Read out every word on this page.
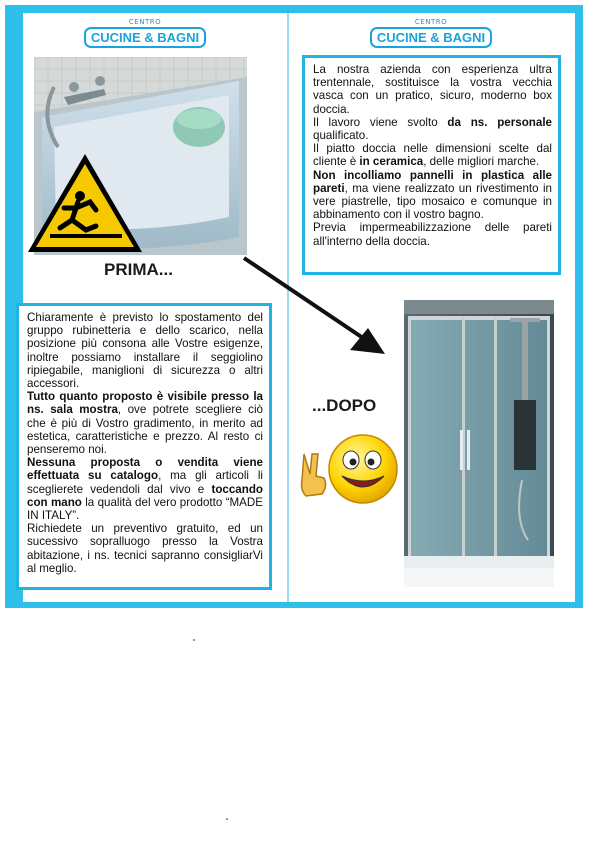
CENTRO
CUCINE & BAGNI
CENTRO
CUCINE & BAGNI
PRIMA...

La nostra azienda con esperienza ultra trentennale, sostituisce la vostra vecchia vasca con un pratico, sicuro, moderno box doccia.

Il lavoro viene svolto da ns. personale qualificato.

Il piatto doccia nelle dimensioni scelte dal cliente è in ceramica, delle migliori marche.

Non incolliamo pannelli in plastica alle pareti, ma viene realizzato un rivestimento in vere piastrelle, tipo mosaico e comunque in abbinamento con il vostro bagno.

Previa impermeabilizzazione delle pareti all'interno della doccia.

Chiaramente è previsto lo spostamento del gruppo rubinetteria e dello scarico, nella posizione più consona alle Vostre esigenze, inoltre possiamo installare il seggiolino ripiegabile, maniglioni di sicurezza o altri accessori.

Tutto quanto proposto è visibile presso la ns. sala mostra, ove potrete scegliere ciò che è più di Vostro gradimento, in merito ad estetica, caratteristiche e prezzo. Al resto ci penseremo noi.

Nessuna proposta o vendita viene effettuata su catalogo, ma gli articoli li sceglierete vedendoli dal vivo e toccando con mano la qualità del vero prodotto “MADE IN ITALY”.

Richiedete un preventivo gratuito, ed un sucessivo sopralluogo presso la Vostra abitazione, i ns. tecnici sapranno consigliarVi al meglio.

...DOPO
